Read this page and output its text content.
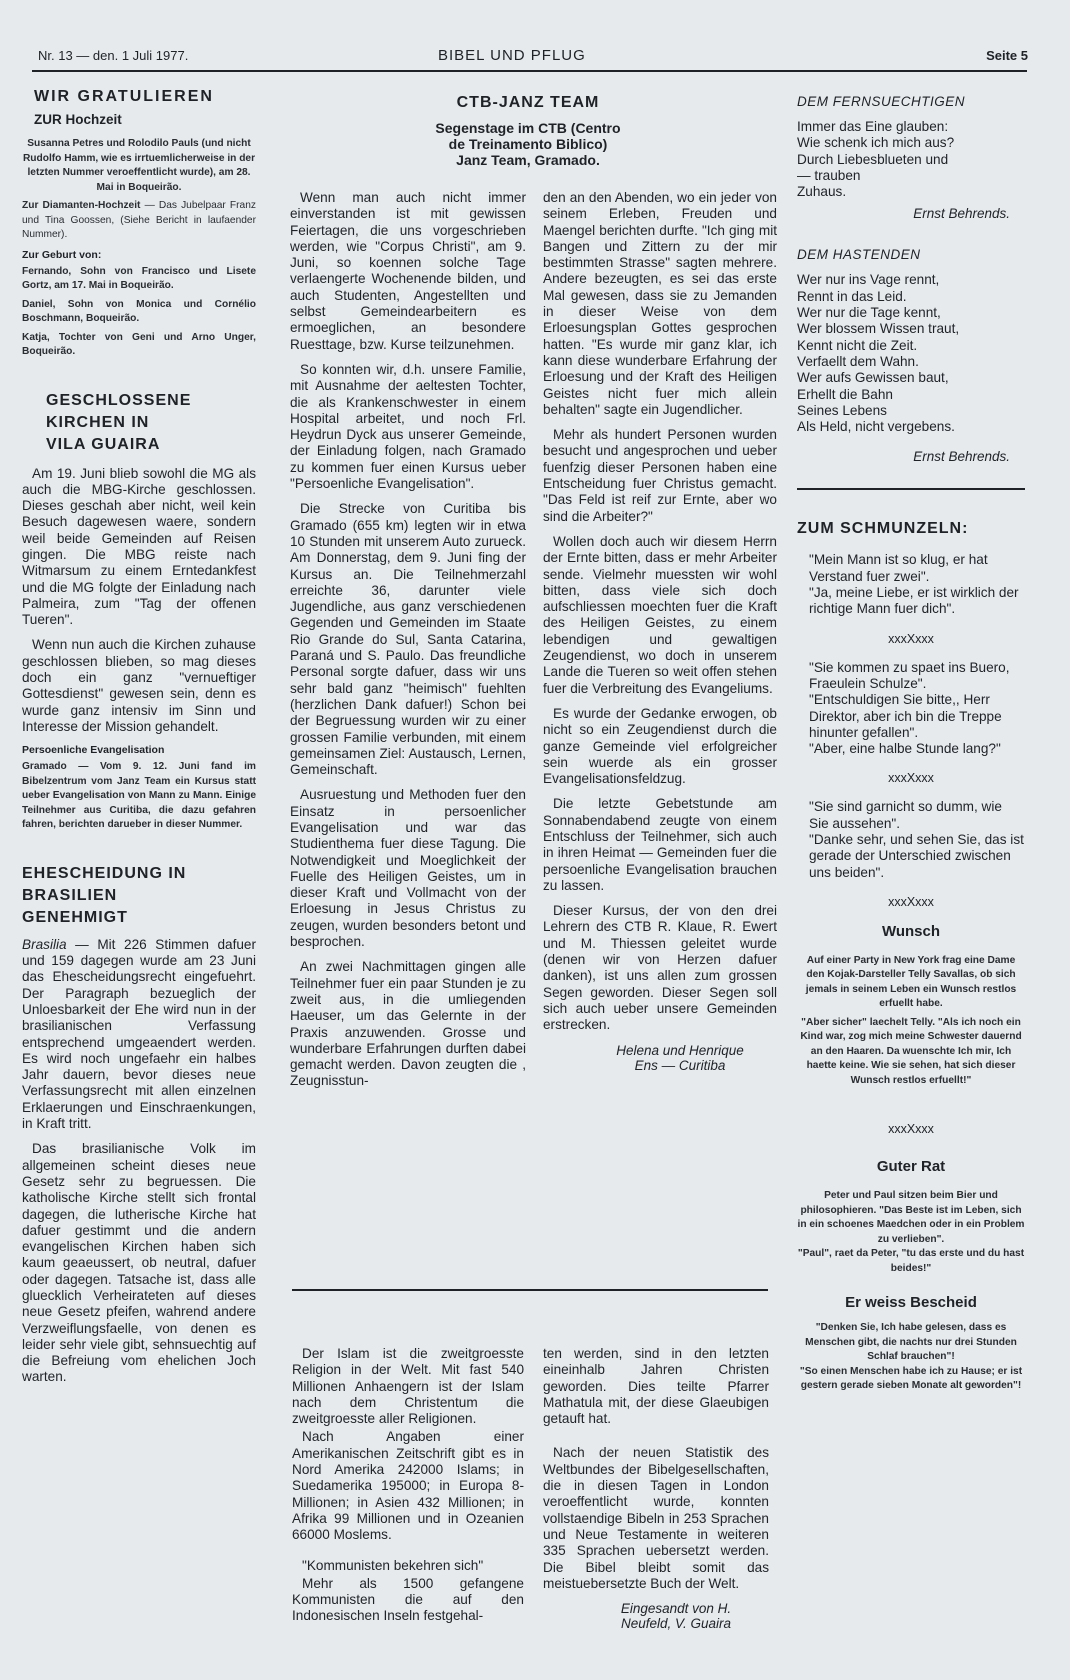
Nr. 13 — den. 1 Juli 1977.	BIBEL UND PFLUG	Seite 5

WIR GRATULIEREN

ZUR Hochzeit

Susanna Petres und Rolodilo Pauls (und nicht Rudolfo Hamm, wie es irrtuemlicherweise in der letzten Nummer veroeffentlicht wurde), am 28. Mai in Boqueirão.

Zur Diamanten-Hochzeit — Das Jubelpaar Franz und Tina Goossen, (Siehe Bericht in laufaender Nummer).

Zur Geburt von:

Fernando, Sohn von Francisco und Lisete Gortz, am 17. Mai in Boqueirão.

Daniel, Sohn von Monica und Cornélio Boschmann, Boqueirão.

Katja, Tochter von Geni und Arno Unger, Boqueirão.

GESCHLOSSENE

KIRCHEN IN

VILA GUAIRA

Am 19. Juni blieb sowohl die MG als auch die MBG-Kirche geschlossen. Dieses geschah aber nicht, weil kein Besuch dagewesen waere, sondern weil beide Gemeinden auf Reisen gingen. Die MBG reiste nach Witmarsum zu einem Erntedankfest und die MG folgte der Einladung nach Palmeira, zum "Tag der offenen Tueren".

Wenn nun auch die Kirchen zuhause geschlossen blieben, so mag dieses doch ein ganz "vernueftiger Gottesdienst" gewesen sein, denn es wurde ganz intensiv im Sinn und Interesse der Mission gehandelt.

Persoenliche Evangelisation

Gramado — Vom 9. 12. Juni fand im Bibelzentrum vom Janz Team ein Kursus statt ueber Evangelisation von Mann zu Mann. Einige Teilnehmer aus Curitiba, die dazu gefahren fahren, berichten darueber in dieser Nummer.

EHESCHEIDUNG IN

BRASILIEN

GENEHMIGT

Brasilia — Mit 226 Stimmen dafuer und 159 dagegen wurde am 23 Juni das Ehescheidungsrecht eingefuehrt. Der Paragraph bezueglich der Unloesbarkeit der Ehe wird nun in der brasilianischen Verfassung entsprechend umgeaendert werden. Es wird noch ungefaehr ein halbes Jahr dauern, bevor dieses neue Verfassungsrecht mit allen einzelnen Erklaerungen und Einschraenkungen, in Kraft tritt.

Das brasilianische Volk im allgemeinen scheint dieses neue Gesetz sehr zu begruessen. Die katholische Kirche stellt sich frontal dagegen, die lutherische Kirche hat dafuer gestimmt und die andern evangelischen Kirchen haben sich kaum geaeussert, ob neutral, dafuer oder dagegen. Tatsache ist, dass alle gluecklich Verheirateten auf dieses neue Gesetz pfeifen, wahrend andere Verzweiflungsfaelle, von denen es leider sehr viele gibt, sehnsuechtig auf die Befreiung vom ehelichen Joch warten.

CTB-JANZ TEAM

Segenstage im CTB (Centro

de Treinamento Biblico)

Janz Team, Gramado.

Wenn man auch nicht immer einverstanden ist mit gewissen Feiertagen, die uns vorgeschrieben werden, wie "Corpus Christi", am 9. Juni, so koennen solche Tage verlaengerte Wochenende bilden, und auch Studenten, Angestellten und selbst Gemeindearbeitern es ermoeglichen, an besondere Ruesttage, bzw. Kurse teilzunehmen.

So konnten wir, d.h. unsere Familie, mit Ausnahme der aeltesten Tochter, die als Krankenschwester in einem Hospital arbeitet, und noch Frl. Heydrun Dyck aus unserer Gemeinde, der Einladung folgen, nach Gramado zu kommen fuer einen Kursus ueber "Persoenliche Evangelisation".

Die Strecke von Curitiba bis Gramado (655 km) legten wir in etwa 10 Stunden mit unserem Auto zurueck. Am Donnerstag, dem 9. Juni fing der Kursus an. Die Teilnehmerzahl erreichte 36, darunter viele Jugendliche, aus ganz verschiedenen Gegenden und Gemeinden im Staate Rio Grande do Sul, Santa Catarina, Paraná und S. Paulo. Das freundliche Personal sorgte dafuer, dass wir uns sehr bald ganz "heimisch" fuehlten (herzlichen Dank dafuer!) Schon bei der Begruessung wurden wir zu einer grossen Familie verbunden, mit einem gemeinsamen Ziel: Austausch, Lernen, Gemeinschaft.

Ausruestung und Methoden fuer den Einsatz in persoenlicher Evangelisation und war das Studienthema fuer diese Tagung. Die Notwendigkeit und Moeglichkeit der Fuelle des Heiligen Geistes, um in dieser Kraft und Vollmacht von der Erloesung in Jesus Christus zu zeugen, wurden besonders betont und besprochen.

An zwei Nachmittagen gingen alle Teilnehmer fuer ein paar Stunden je zu zweit aus, in die umliegenden Haeuser, um das Gelernte in der Praxis anzuwenden. Grosse und wunderbare Erfahrungen durften dabei gemacht werden. Davon zeugten die , Zeugnisstun-

den an den Abenden, wo ein jeder von seinem Erleben, Freuden und Maengel berichten durfte. "Ich ging mit Bangen und Zittern zu der mir bestimmten Strasse" sagten mehrere. Andere bezeugten, es sei das erste Mal gewesen, dass sie zu Jemanden in dieser Weise von dem Erloesungsplan Gottes gesprochen hatten. "Es wurde mir ganz klar, ich kann diese wunderbare Erfahrung der Erloesung und der Kraft des Heiligen Geistes nicht fuer mich allein behalten" sagte ein Jugendlicher.

Mehr als hundert Personen wurden besucht und angesprochen und ueber fuenfzig dieser Personen haben eine Entscheidung fuer Christus gemacht. "Das Feld ist reif zur Ernte, aber wo sind die Arbeiter?"

Wollen doch auch wir diesem Herrn der Ernte bitten, dass er mehr Arbeiter sende. Vielmehr muessten wir wohl bitten, dass viele sich doch aufschliessen moechten fuer die Kraft des Heiligen Geistes, zu einem lebendigen und gewaltigen Zeugendienst, wo doch in unserem Lande die Tueren so weit offen stehen fuer die Verbreitung des Evangeliums.

Es wurde der Gedanke erwogen, ob nicht so ein Zeugendienst durch die ganze Gemeinde viel erfolgreicher sein wuerde als ein grosser Evangelisationsfeldzug.

Die letzte Gebetstunde am Sonnabendabend zeugte von einem Entschluss der Teilnehmer, sich auch in ihren Heimat — Gemeinden fuer die persoenliche Evangelisation brauchen zu lassen.

Dieser Kursus, der von den drei Lehrern des CTB R. Klaue, R. Ewert und M. Thiessen geleitet wurde (denen wir von Herzen dafuer danken), ist uns allen zum grossen Segen geworden. Dieser Segen soll sich auch ueber unsere Gemeinden erstrecken.

Helena und Henrique

Ens — Curitiba

Der Islam ist die zweitgroesste Religion in der Welt. Mit fast 540 Millionen Anhaengern ist der Islam nach dem Christentum die zweitgroesste aller Religionen.

Nach Angaben einer Amerikanischen Zeitschrift gibt es in Nord Amerika 242000 Islams; in Suedamerika 195000; in Europa 8-Millionen; in Asien 432 Millionen; in Afrika 99 Millionen und in Ozeanien 66000 Moslems.

"Kommunisten bekehren sich"

Mehr als 1500 gefangene Kommunisten die auf den Indonesischen Inseln festgehal-

ten werden, sind in den letzten eineinhalb Jahren Christen geworden. Dies teilte Pfarrer Mathatula mit, der diese Glaeubigen getauft hat.

Nach der neuen Statistik des Weltbundes der Bibelgesellschaften, die in diesen Tagen in London veroeffentlicht wurde, konnten vollstaendige Bibeln in 253 Sprachen und Neue Testamente in weiteren 335 Sprachen uebersetzt werden. Die Bibel bleibt somit das meistuebersetzte Buch der Welt.

Eingesandt von H.

Neufeld, V. Guaira

DEM FERNSUECHTIGEN

Immer das Eine glauben:
Wie schenk ich mich aus?
Durch Liebesblueten und
— trauben
Zuhaus.

Ernst Behrends.

DEM HASTENDEN

Wer nur ins Vage rennt,
Rennt in das Leid.
Wer nur die Tage kennt,
Wer blossem Wissen traut,
Kennt nicht die Zeit.
Verfaellt dem Wahn.
Wer aufs Gewissen baut,
Erhellt die Bahn
Seines Lebens
Als Held, nicht vergebens.

Ernst Behrends.

ZUM SCHMUNZELN:

"Mein Mann ist so klug, er hat Verstand fuer zwei".
"Ja, meine Liebe, er ist wirklich der richtige Mann fuer dich".

xxxXxxx

"Sie kommen zu spaet ins Buero, Fraeulein Schulze".
"Entschuldigen Sie bitte,, Herr Direktor, aber ich bin die Treppe hinunter gefallen".
"Aber, eine halbe Stunde lang?"

xxxXxxx

"Sie sind garnicht so dumm, wie Sie aussehen".
"Danke sehr, und sehen Sie, das ist gerade der Unterschied zwischen uns beiden".

xxxXxxx

Wunsch

Auf einer Party in New York frag eine Dame den Kojak-Darsteller Telly Savallas, ob sich jemals in seinem Leben ein Wunsch restlos erfuellt habe.

"Aber sicher" laechelt Telly. "Als ich noch ein Kind war, zog mich meine Schwester dauernd an den Haaren. Da wuenschte Ich mir, Ich haette keine. Wie sie sehen, hat sich dieser Wunsch restlos erfuellt!"

xxxXxxx

Guter Rat

Peter und Paul sitzen beim Bier und philosophieren. "Das Beste ist im Leben, sich in ein schoenes Maedchen oder in ein Problem zu verlieben".
"Paul", raet da Peter, "tu das erste und du hast beides!"

Er weiss Bescheid

"Denken Sie, Ich habe gelesen, dass es Menschen gibt, die nachts nur drei Stunden Schlaf brauchen"!
"So einen Menschen habe ich zu Hause; er ist gestern gerade sieben Monate alt geworden"!
